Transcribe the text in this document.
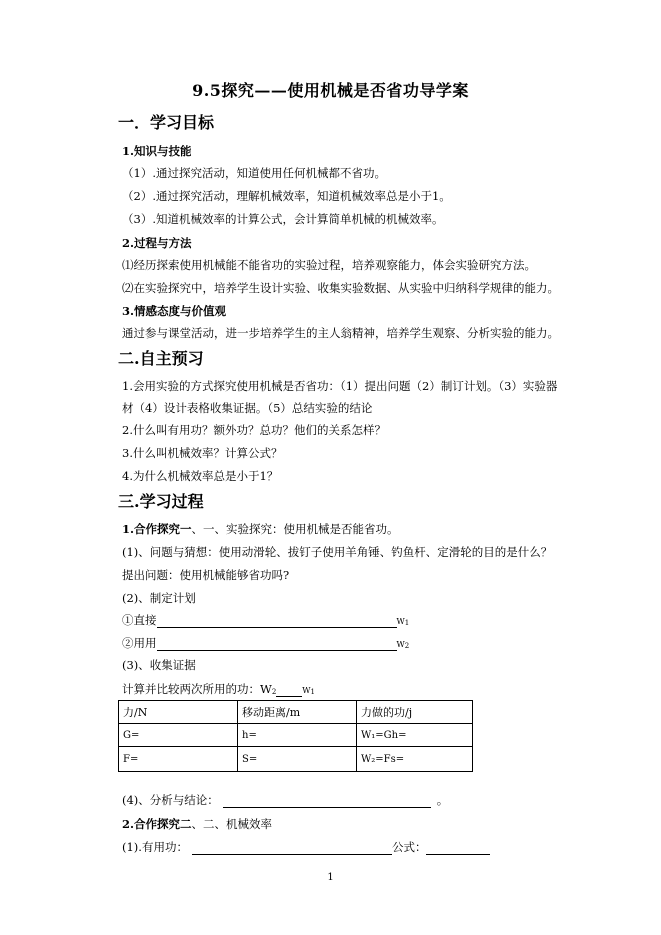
9.5探究——使用机械是否省功导学案
一．学习目标
1.知识与技能
（1）.通过探究活动，知道使用任何机械都不省功。
（2）.通过探究活动，理解机械效率，知道机械效率总是小于1。
（3）.知道机械效率的计算公式，会计算简单机械的机械效率。
2.过程与方法
⑴经历探索使用机械能不能省功的实验过程，培养观察能力，体会实验研究方法。
⑵在实验探究中，培养学生设计实验、收集实验数据、从实验中归纳科学规律的能力。
3.情感态度与价值观
通过参与课堂活动，进一步培养学生的主人翁精神，培养学生观察、分析实验的能力。
二.自主预习
1.会用实验的方式探究使用机械是否省功：（1）提出问题（2）制订计划。（3）实验器
材（4）设计表格收集证据。（5）总结实验的结论
2.什么叫有用功？额外功？总功？他们的关系怎样？
3.什么叫机械效率？计算公式？
4.为什么机械效率总是小于1？
三.学习过程
1.合作探究一、一、实验探究：使用机械是否能省功。
(1)、问题与猜想：使用动滑轮、拔钉子使用羊角锤、钓鱼杆、定滑轮的目的是什么？
提出问题：使用机械能够省功吗?
(2)、制定计划
①直接	W1
②用用	W2
(3)、收集证据
计算并比较两次所用的功：W2	W1
力/N	移动距离/m	力做的功/j
G=	h=	W₁=Gh=
F=	S=	W₂=Fs=
(4)、分析与结论：	。
2.合作探究二、二、机械效率
(1).有用功：	公式：
1
